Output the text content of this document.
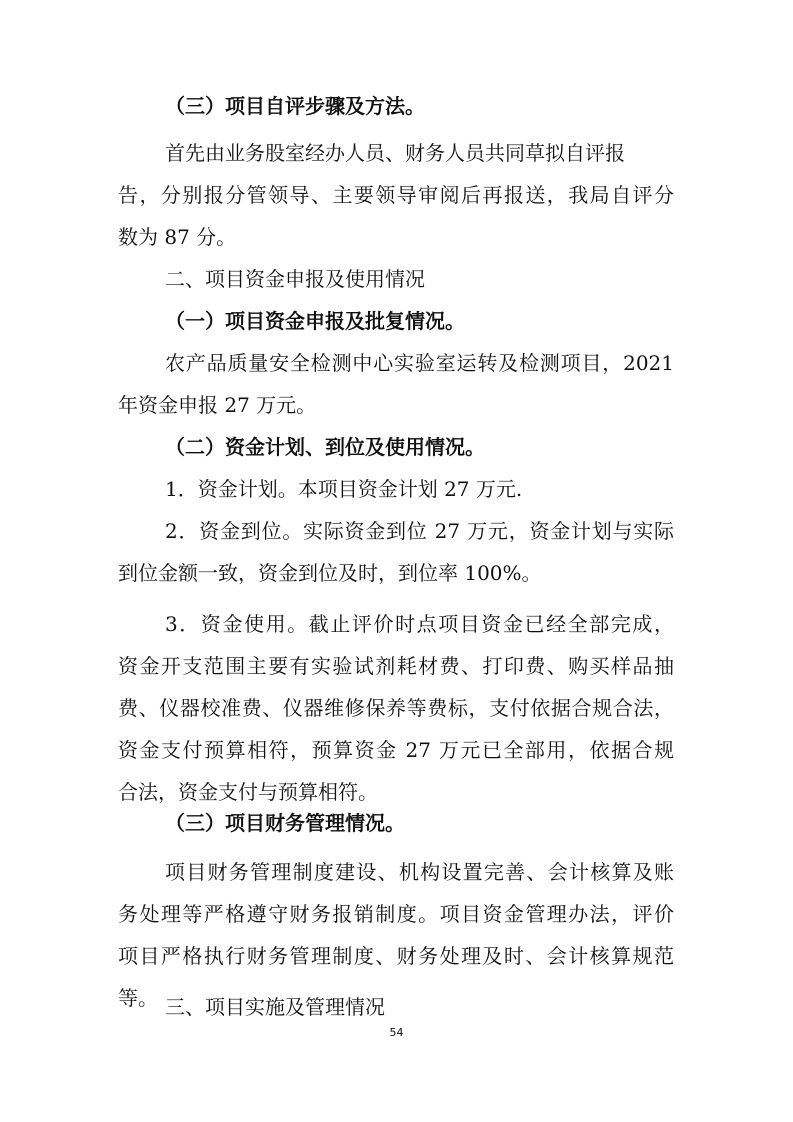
（三）项目自评步骤及方法。
首先由业务股室经办人员、财务人员共同草拟自评报
告，分别报分管领导、主要领导审阅后再报送，我局自评分
数为 87 分。
二、项目资金申报及使用情况
（一）项目资金申报及批复情况。
农产品质量安全检测中心实验室运转及检测项目，2021
年资金申报 27 万元。
（二）资金计划、到位及使用情况。
1．资金计划。本项目资金计划 27 万元.
2．资金到位。实际资金到位 27 万元，资金计划与实际
到位金额一致，资金到位及时，到位率 100%。
3．资金使用。截止评价时点项目资金已经全部完成，
资金开支范围主要有实验试剂耗材费、打印费、购买样品抽
费、仪器校准费、仪器维修保养等费标，支付依据合规合法，
资金支付预算相符，预算资金 27 万元已全部用，依据合规
合法，资金支付与预算相符。
（三）项目财务管理情况。
项目财务管理制度建设、机构设置完善、会计核算及账
务处理等严格遵守财务报销制度。项目资金管理办法，评价
项目严格执行财务管理制度、财务处理及时、会计核算规范
等。 三、项目实施及管理情况
54
